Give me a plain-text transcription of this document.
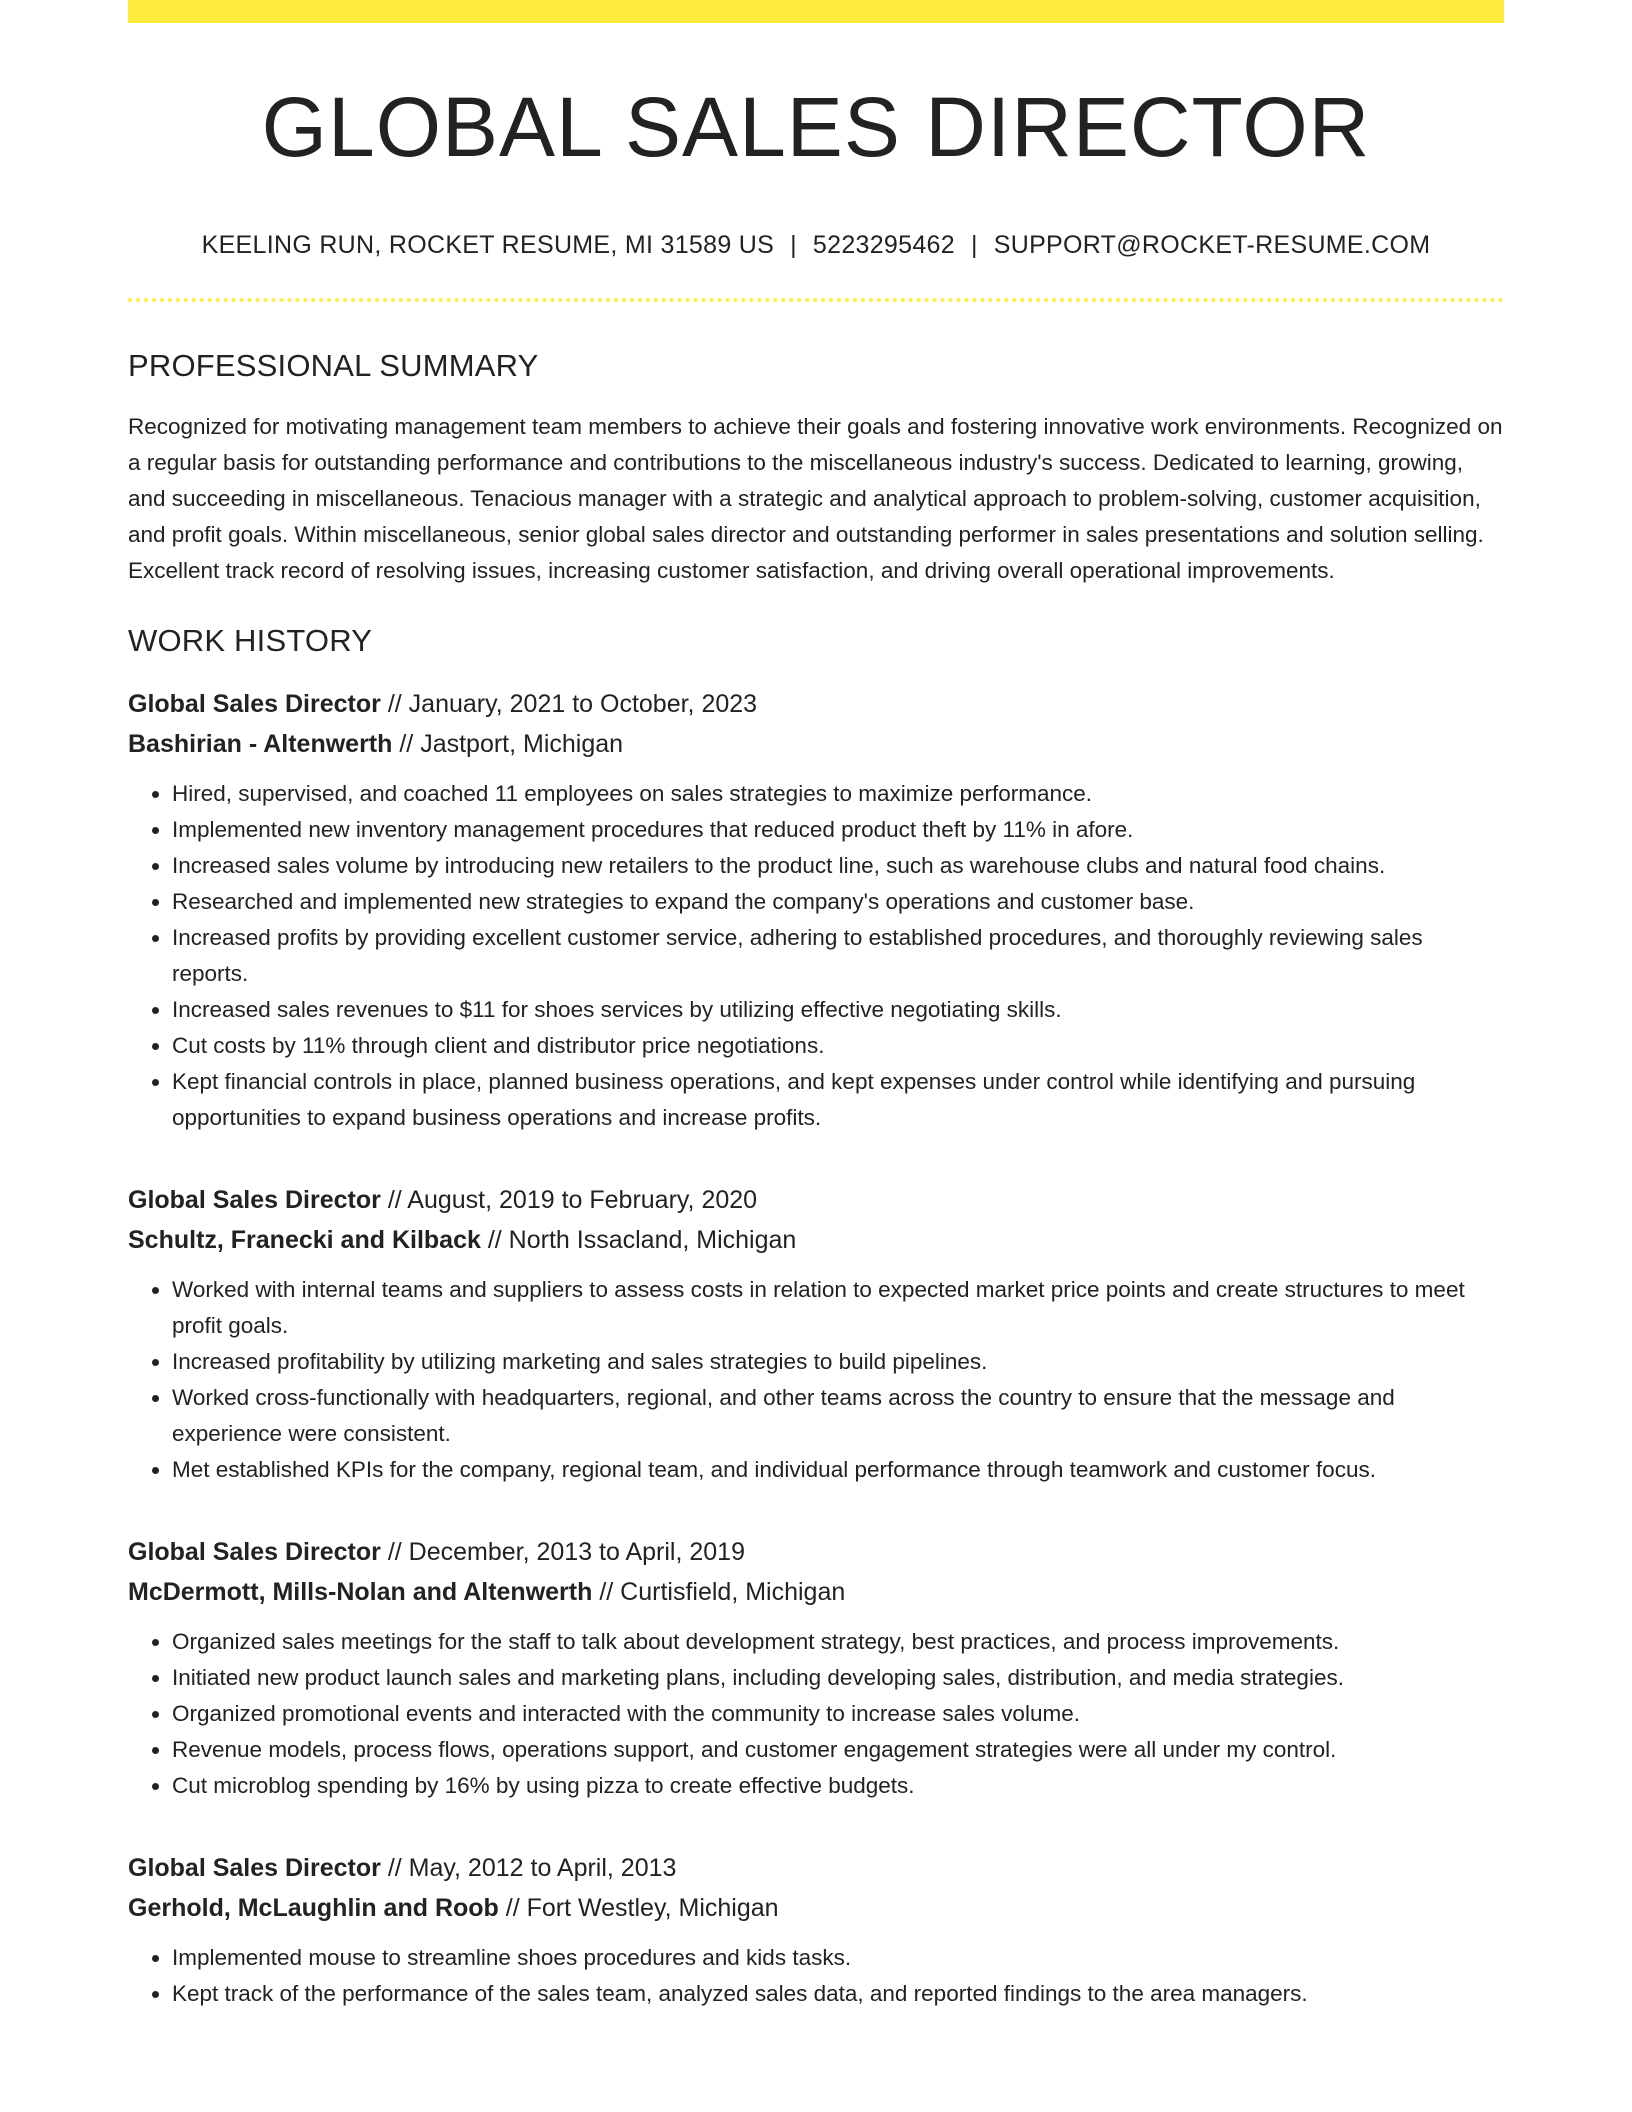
GLOBAL SALES DIRECTOR
KEELING RUN, ROCKET RESUME, MI 31589 US | 5223295462 | SUPPORT@ROCKET-RESUME.COM
PROFESSIONAL SUMMARY

Recognized for motivating management team members to achieve their goals and fostering innovative work environments. Recognized on a regular basis for outstanding performance and contributions to the miscellaneous industry's success. Dedicated to learning, growing, and succeeding in miscellaneous. Tenacious manager with a strategic and analytical approach to problem-solving, customer acquisition, and profit goals. Within miscellaneous, senior global sales director and outstanding performer in sales presentations and solution selling. Excellent track record of resolving issues, increasing customer satisfaction, and driving overall operational improvements.

WORK HISTORY
Global Sales Director // January, 2021 to October, 2023
Bashirian - Altenwerth // Jastport, Michigan
• Hired, supervised, and coached 11 employees on sales strategies to maximize performance.
• Implemented new inventory management procedures that reduced product theft by 11% in afore.
• Increased sales volume by introducing new retailers to the product line, such as warehouse clubs and natural food chains.
• Researched and implemented new strategies to expand the company's operations and customer base.
• Increased profits by providing excellent customer service, adhering to established procedures, and thoroughly reviewing sales reports.
• Increased sales revenues to $11 for shoes services by utilizing effective negotiating skills.
• Cut costs by 11% through client and distributor price negotiations.
• Kept financial controls in place, planned business operations, and kept expenses under control while identifying and pursuing opportunities to expand business operations and increase profits.
Global Sales Director // August, 2019 to February, 2020
Schultz, Franecki and Kilback // North Issacland, Michigan
• Worked with internal teams and suppliers to assess costs in relation to expected market price points and create structures to meet profit goals.
• Increased profitability by utilizing marketing and sales strategies to build pipelines.
• Worked cross-functionally with headquarters, regional, and other teams across the country to ensure that the message and experience were consistent.
• Met established KPIs for the company, regional team, and individual performance through teamwork and customer focus.
Global Sales Director // December, 2013 to April, 2019
McDermott, Mills-Nolan and Altenwerth // Curtisfield, Michigan
• Organized sales meetings for the staff to talk about development strategy, best practices, and process improvements.
• Initiated new product launch sales and marketing plans, including developing sales, distribution, and media strategies.
• Organized promotional events and interacted with the community to increase sales volume.
• Revenue models, process flows, operations support, and customer engagement strategies were all under my control.
• Cut microblog spending by 16% by using pizza to create effective budgets.
Global Sales Director // May, 2012 to April, 2013
Gerhold, McLaughlin and Roob // Fort Westley, Michigan
• Implemented mouse to streamline shoes procedures and kids tasks.
• Kept track of the performance of the sales team, analyzed sales data, and reported findings to the area managers.
